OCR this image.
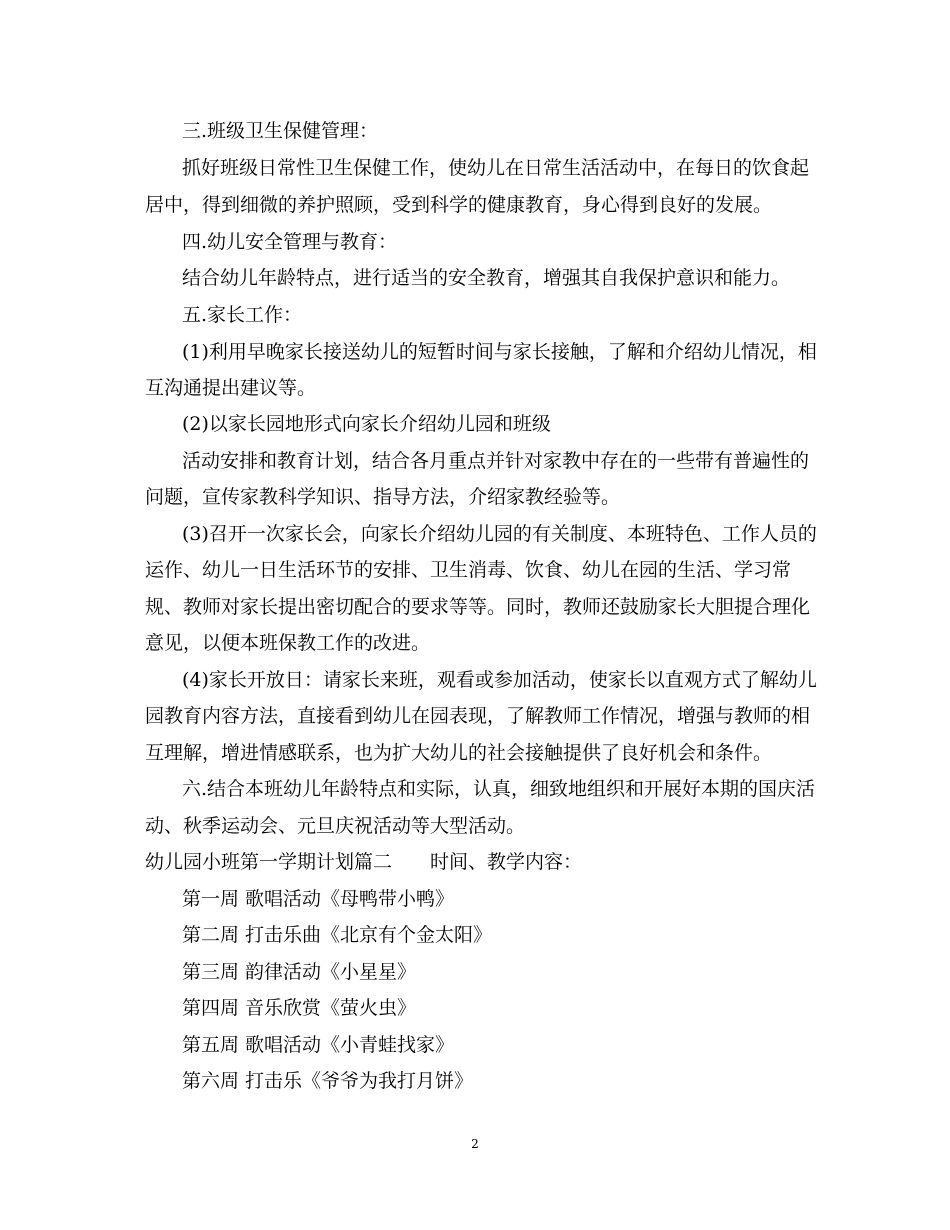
三.班级卫生保健管理：

抓好班级日常性卫生保健工作，使幼儿在日常生活活动中，在每日的饮食起

居中，得到细微的养护照顾，受到科学的健康教育，身心得到良好的发展。

四.幼儿安全管理与教育：

结合幼儿年龄特点，进行适当的安全教育，增强其自我保护意识和能力。

五.家长工作：

(1)利用早晚家长接送幼儿的短暂时间与家长接触，了解和介绍幼儿情况，相

互沟通提出建议等。

(2)以家长园地形式向家长介绍幼儿园和班级

活动安排和教育计划，结合各月重点并针对家教中存在的一些带有普遍性的

问题，宣传家教科学知识、指导方法，介绍家教经验等。

(3)召开一次家长会，向家长介绍幼儿园的有关制度、本班特色、工作人员的

运作、幼儿一日生活环节的安排、卫生消毒、饮食、幼儿在园的生活、学习常

规、教师对家长提出密切配合的要求等等。同时，教师还鼓励家长大胆提合理化

意见，以便本班保教工作的改进。

(4)家长开放日：请家长来班，观看或参加活动，使家长以直观方式了解幼儿

园教育内容方法，直接看到幼儿在园表现，了解教师工作情况，增强与教师的相

互理解，增进情感联系，也为扩大幼儿的社会接触提供了良好机会和条件。

六.结合本班幼儿年龄特点和实际，认真，细致地组织和开展好本期的国庆活

动、秋季运动会、元旦庆祝活动等大型活动。

幼儿园小班第一学期计划篇二　　时间、教学内容：

第一周 歌唱活动《母鸭带小鸭》

第二周 打击乐曲《北京有个金太阳》

第三周 韵律活动《小星星》

第四周 音乐欣赏《萤火虫》

第五周 歌唱活动《小青蛙找家》

第六周 打击乐《爷爷为我打月饼》

2
